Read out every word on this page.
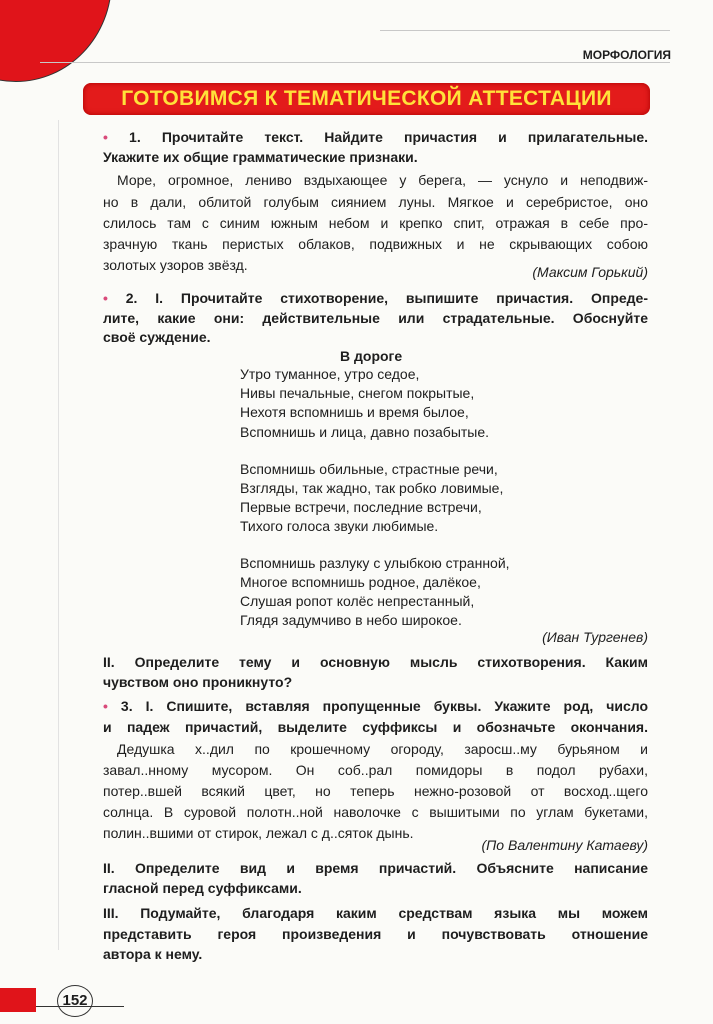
МОРФОЛОГИЯ
ГОТОВИМСЯ К ТЕМАТИЧЕСКОЙ АТТЕСТАЦИИ
• 1. Прочитайте текст. Найдите причастия и прилагательные.
Укажите их общие грамматические признаки.
Море, огромное, лениво вздыхающее у берега, — уснуло и неподвиж-
но в дали, облитой голубым сиянием луны. Мягкое и серебристое, оно
слилось там с синим южным небом и крепко спит, отражая в себе про-
зрачную ткань перистых облаков, подвижных и не скрывающих собою
золотых узоров звёзд.	(Максим Горький)
• 2. I. Прочитайте стихотворение, выпишите причастия. Опреде-
лите, какие они: действительные или страдательные. Обоснуйте
своё суждение.
В дороге
Утро туманное, утро седое,
Нивы печальные, снегом покрытые,
Нехотя вспомнишь и время былое,
Вспомнишь и лица, давно позабытые.
Вспомнишь обильные, страстные речи,
Взгляды, так жадно, так робко ловимые,
Первые встречи, последние встречи,
Тихого голоса звуки любимые.
Вспомнишь разлуку с улыбкою странной,
Многое вспомнишь родное, далёкое,
Слушая ропот колёс непрестанный,
Глядя задумчиво в небо широкое.
(Иван Тургенев)
II. Определите тему и основную мысль стихотворения. Каким
чувством оно проникнуто?
• 3. I. Спишите, вставляя пропущенные буквы. Укажите род, число
и падеж причастий, выделите суффиксы и обозначьте окончания.
Дедушка х..дил по крошечному огороду, заросш..му бурьяном и
завал..нному мусором. Он соб..рал помидоры в подол рубахи,
потер..вшей всякий цвет, но теперь нежно-розовой от восход..щего
солнца. В суровой полотн..ной наволочке с вышитыми по углам букетами,
полин..вшими от стирок, лежал с д..сяток дынь.
(По Валентину Катаеву)
II. Определите вид и время причастий. Объясните написание
гласной перед суффиксами.
III. Подумайте, благодаря каким средствам языка мы можем
представить героя произведения и почувствовать отношение
автора к нему.
152
